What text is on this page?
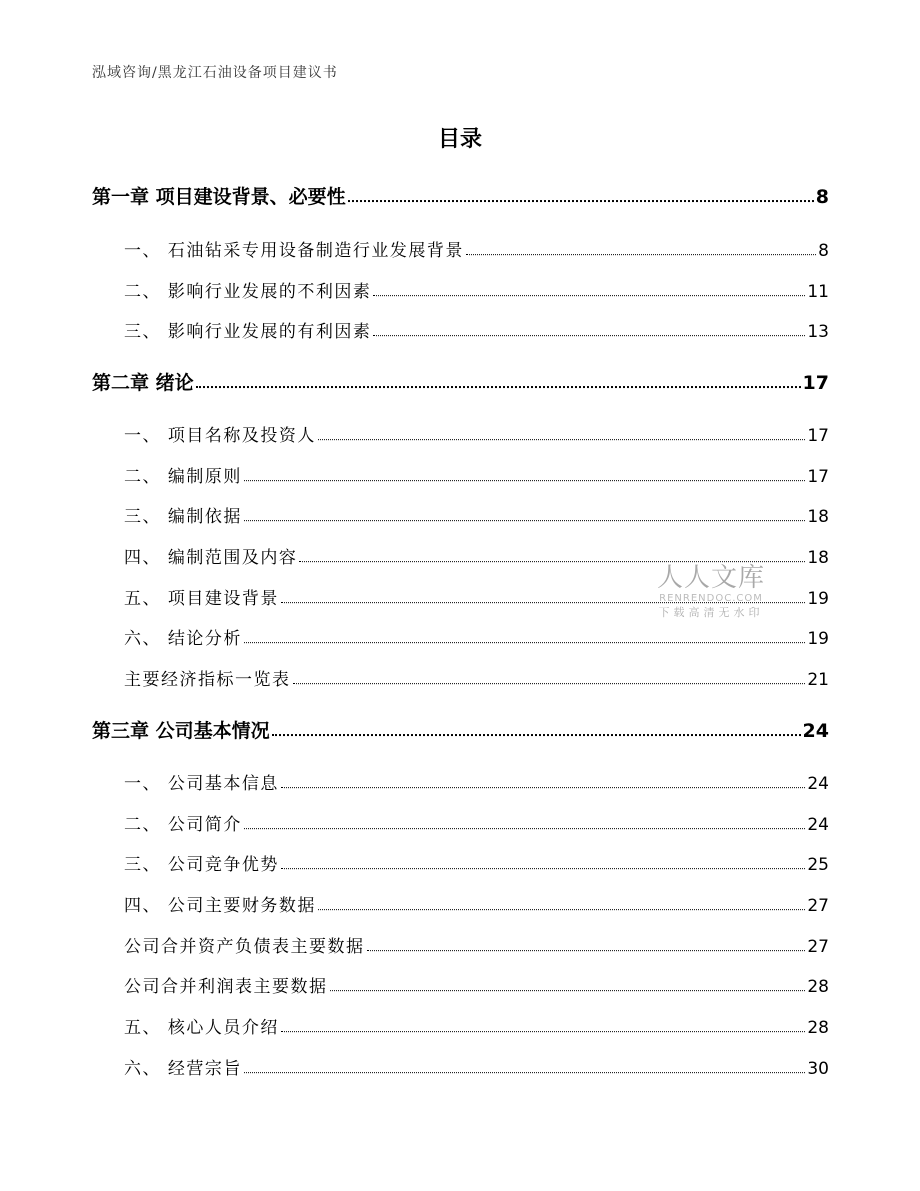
泓域咨询/黑龙江石油设备项目建议书
目录
第一章 项目建设背景、必要性	8
一、 石油钻采专用设备制造行业发展背景	8
二、 影响行业发展的不利因素	11
三、 影响行业发展的有利因素	13
第二章 绪论	17
一、 项目名称及投资人	17
二、 编制原则	17
三、 编制依据	18
四、 编制范围及内容	18
五、 项目建设背景	19
六、 结论分析	19
主要经济指标一览表	21
第三章 公司基本情况	24
一、 公司基本信息	24
二、 公司简介	24
三、 公司竞争优势	25
四、 公司主要财务数据	27
公司合并资产负债表主要数据	27
公司合并利润表主要数据	28
五、 核心人员介绍	28
六、 经营宗旨	30
人人文库
RENRENDOC.COM
下载高清无水印
